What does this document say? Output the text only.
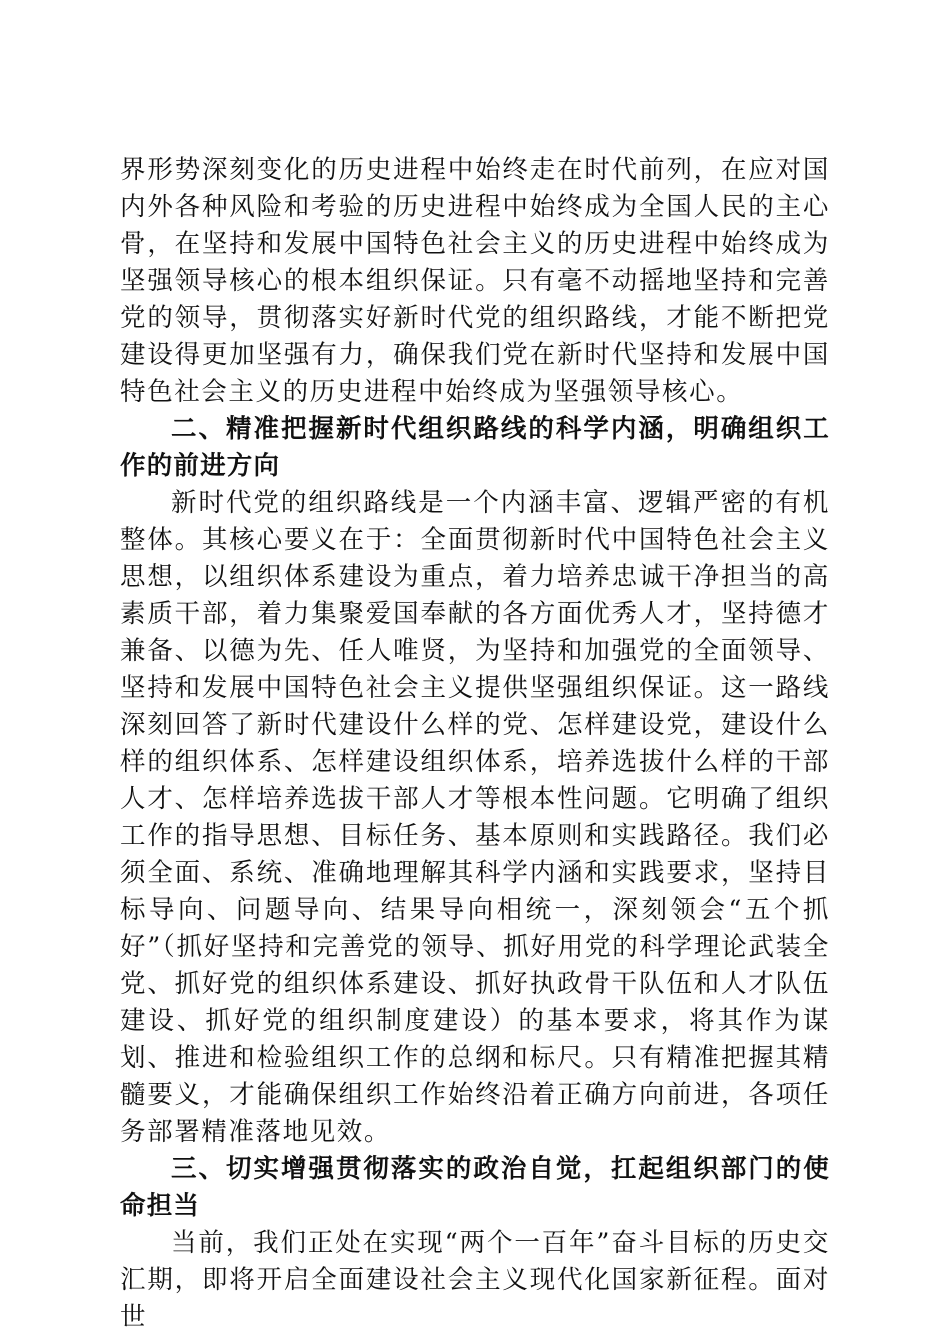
界形势深刻变化的历史进程中始终走在时代前列，在应对国内外各种风险和考验的历史进程中始终成为全国人民的主心骨，在坚持和发展中国特色社会主义的历史进程中始终成为坚强领导核心的根本组织保证。只有毫不动摇地坚持和完善党的领导，贯彻落实好新时代党的组织路线，才能不断把党建设得更加坚强有力，确保我们党在新时代坚持和发展中国特色社会主义的历史进程中始终成为坚强领导核心。

二、精准把握新时代组织路线的科学内涵，明确组织工作的前进方向

新时代党的组织路线是一个内涵丰富、逻辑严密的有机整体。其核心要义在于：全面贯彻新时代中国特色社会主义思想，以组织体系建设为重点，着力培养忠诚干净担当的高素质干部，着力集聚爱国奉献的各方面优秀人才，坚持德才兼备、以德为先、任人唯贤，为坚持和加强党的全面领导、坚持和发展中国特色社会主义提供坚强组织保证。这一路线深刻回答了新时代建设什么样的党、怎样建设党，建设什么样的组织体系、怎样建设组织体系，培养选拔什么样的干部人才、怎样培养选拔干部人才等根本性问题。它明确了组织工作的指导思想、目标任务、基本原则和实践路径。我们必须全面、系统、准确地理解其科学内涵和实践要求，坚持目标导向、问题导向、结果导向相统一，深刻领会“五个抓好”（抓好坚持和完善党的领导、抓好用党的科学理论武装全党、抓好党的组织体系建设、抓好执政骨干队伍和人才队伍建设、抓好党的组织制度建设）的基本要求，将其作为谋划、推进和检验组织工作的总纲和标尺。只有精准把握其精髓要义，才能确保组织工作始终沿着正确方向前进，各项任务部署精准落地见效。

三、切实增强贯彻落实的政治自觉，扛起组织部门的使命担当

当前，我们正处在实现“两个一百年”奋斗目标的历史交汇期，即将开启全面建设社会主义现代化国家新征程。面对世
